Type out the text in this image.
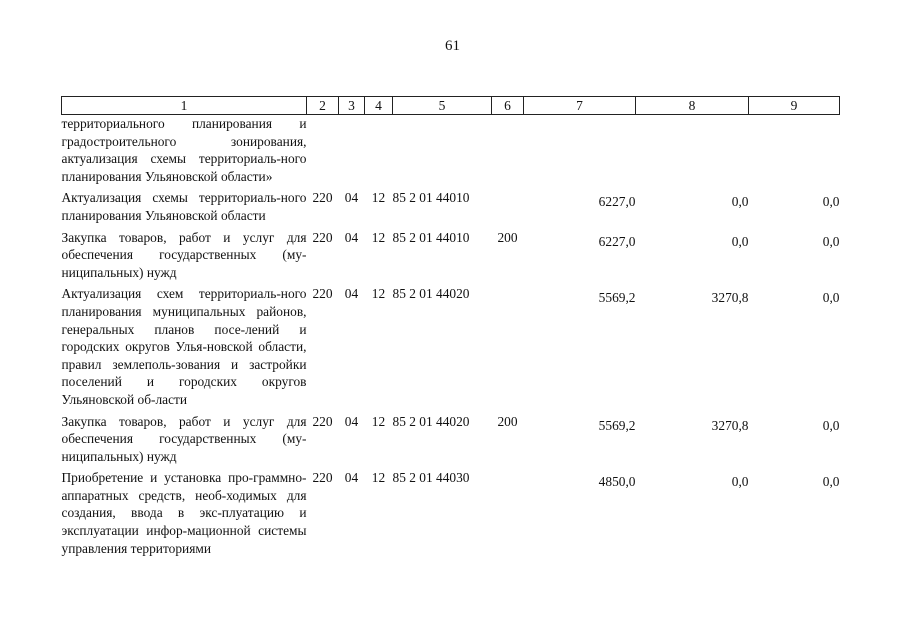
61
1	2	3	4	5	6	7	8	9
территориального планирования и градостроительного зонирования, актуализация схемы территориаль-ного планирования Ульяновской области»								

Актуализация схемы территориаль-ного планирования Ульяновской области	220	04	12	85 2 01 44010		6227,0	0,0	0,0

Закупка товаров, работ и услуг для обеспечения государственных (му-ниципальных) нужд	220	04	12	85 2 01 44010	200	6227,0	0,0	0,0

Актуализация схем территориаль-ного планирования муниципальных районов, генеральных планов посе-лений и городских округов Улья-новской области, правил землеполь-зования и застройки поселений и городских округов Ульяновской об-ласти	220	04	12	85 2 01 44020		5569,2	3270,8	0,0

Закупка товаров, работ и услуг для обеспечения государственных (му-ниципальных) нужд	220	04	12	85 2 01 44020	200	5569,2	3270,8	0,0

Приобретение и установка про-граммно-аппаратных средств, необ-ходимых для создания, ввода в экс-плуатацию и эксплуатации инфор-мационной системы управления территориями	220	04	12	85 2 01 44030		4850,0	0,0	0,0
